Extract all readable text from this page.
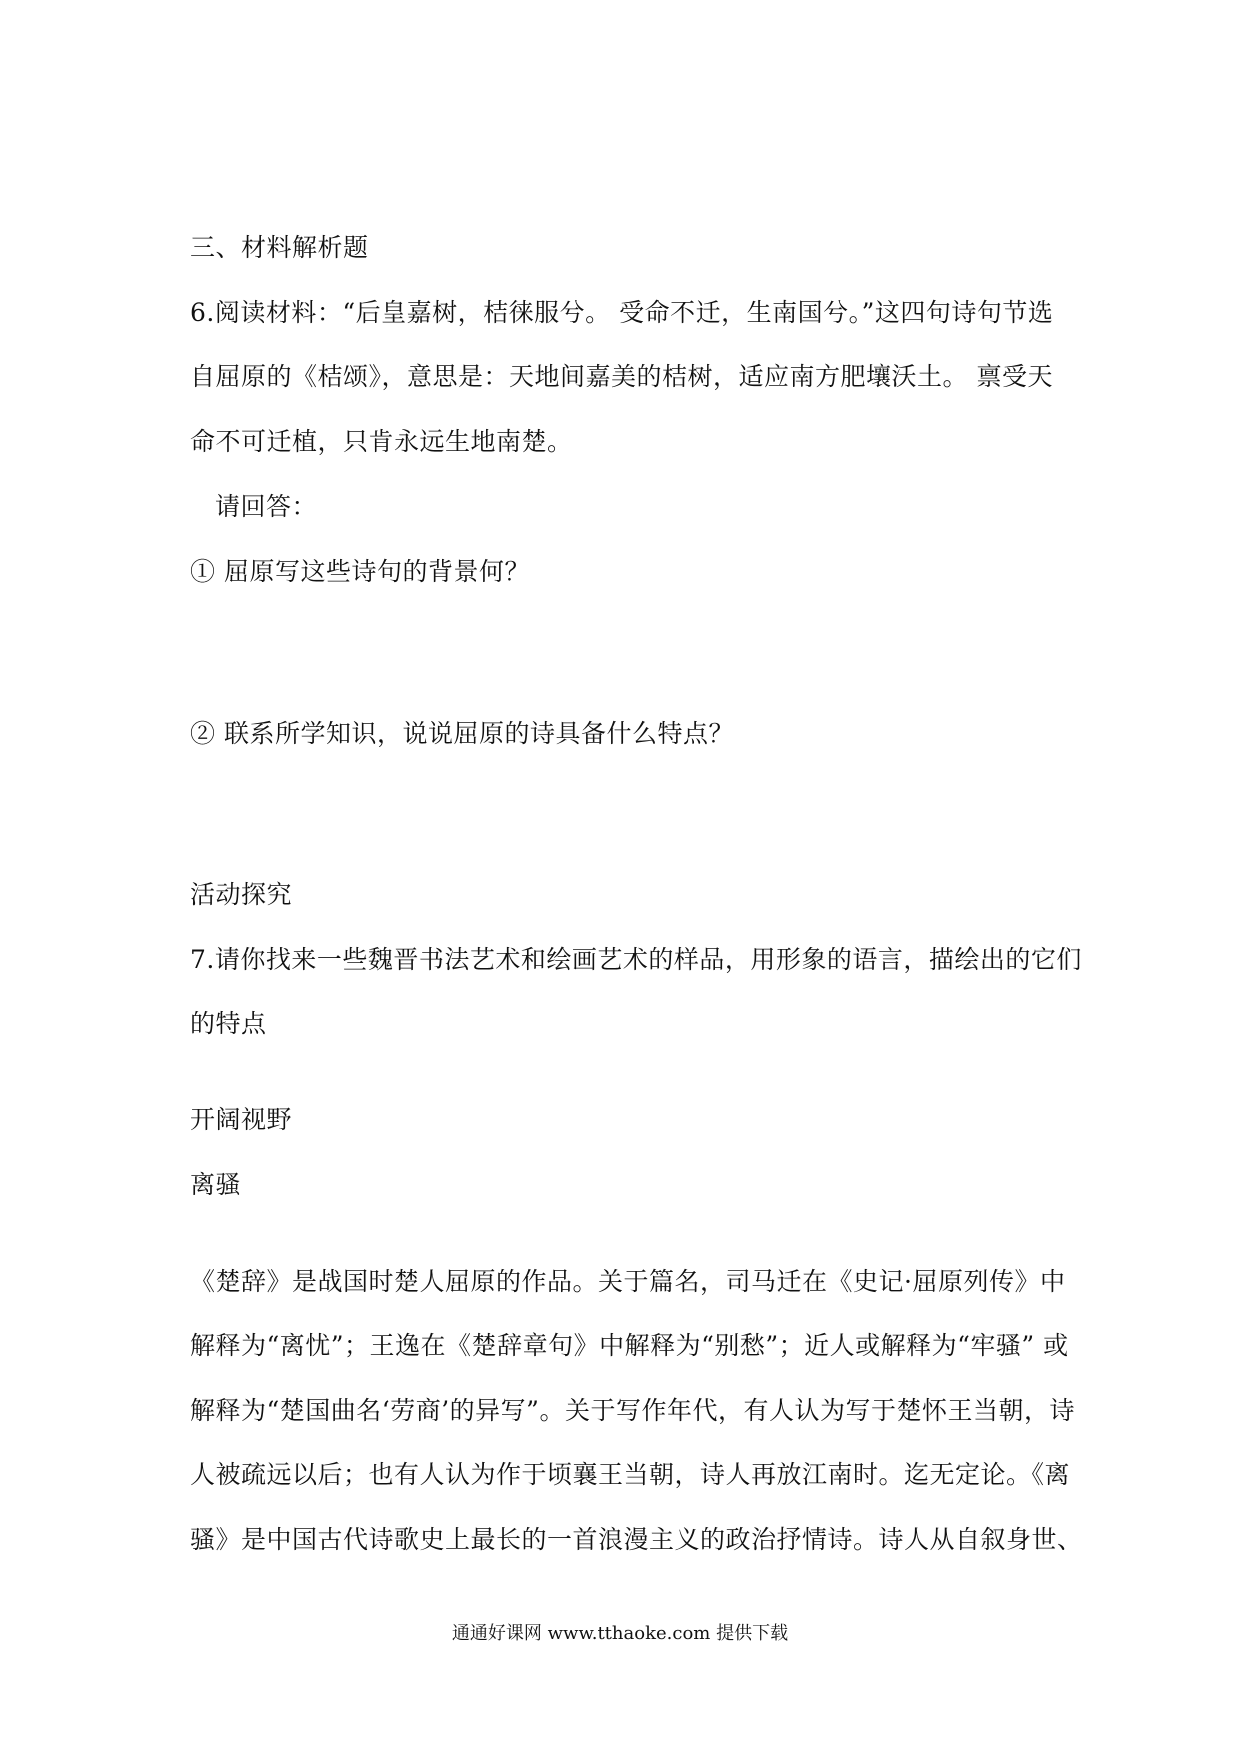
三、材料解析题
6.阅读材料：“后皇嘉树，桔徕服兮。 受命不迁，生南国兮。”这四句诗句节选
自屈原的《桔颂》，意思是：天地间嘉美的桔树，适应南方肥壤沃土。 禀受天
命不可迁植，只肯永远生地南楚。
请回答：
① 屈原写这些诗句的背景何？
② 联系所学知识，说说屈原的诗具备什么特点？
活动探究
7.请你找来一些魏晋书法艺术和绘画艺术的样品，用形象的语言，描绘出的它们
的特点
开阔视野
离骚
《楚辞》是战国时楚人屈原的作品。关于篇名，司马迁在《史记·屈原列传》中
解释为“离忧”；王逸在《楚辞章句》中解释为“别愁”；近人或解释为“牢骚” 或
解释为“楚国曲名‘劳商’的异写”。关于写作年代，有人认为写于楚怀王当朝，诗
人被疏远以后；也有人认为作于顷襄王当朝，诗人再放江南时。迄无定论。《离
骚》是中国古代诗歌史上最长的一首浪漫主义的政治抒情诗。诗人从自叙身世、
通通好课网 www.tthaoke.com 提供下载
